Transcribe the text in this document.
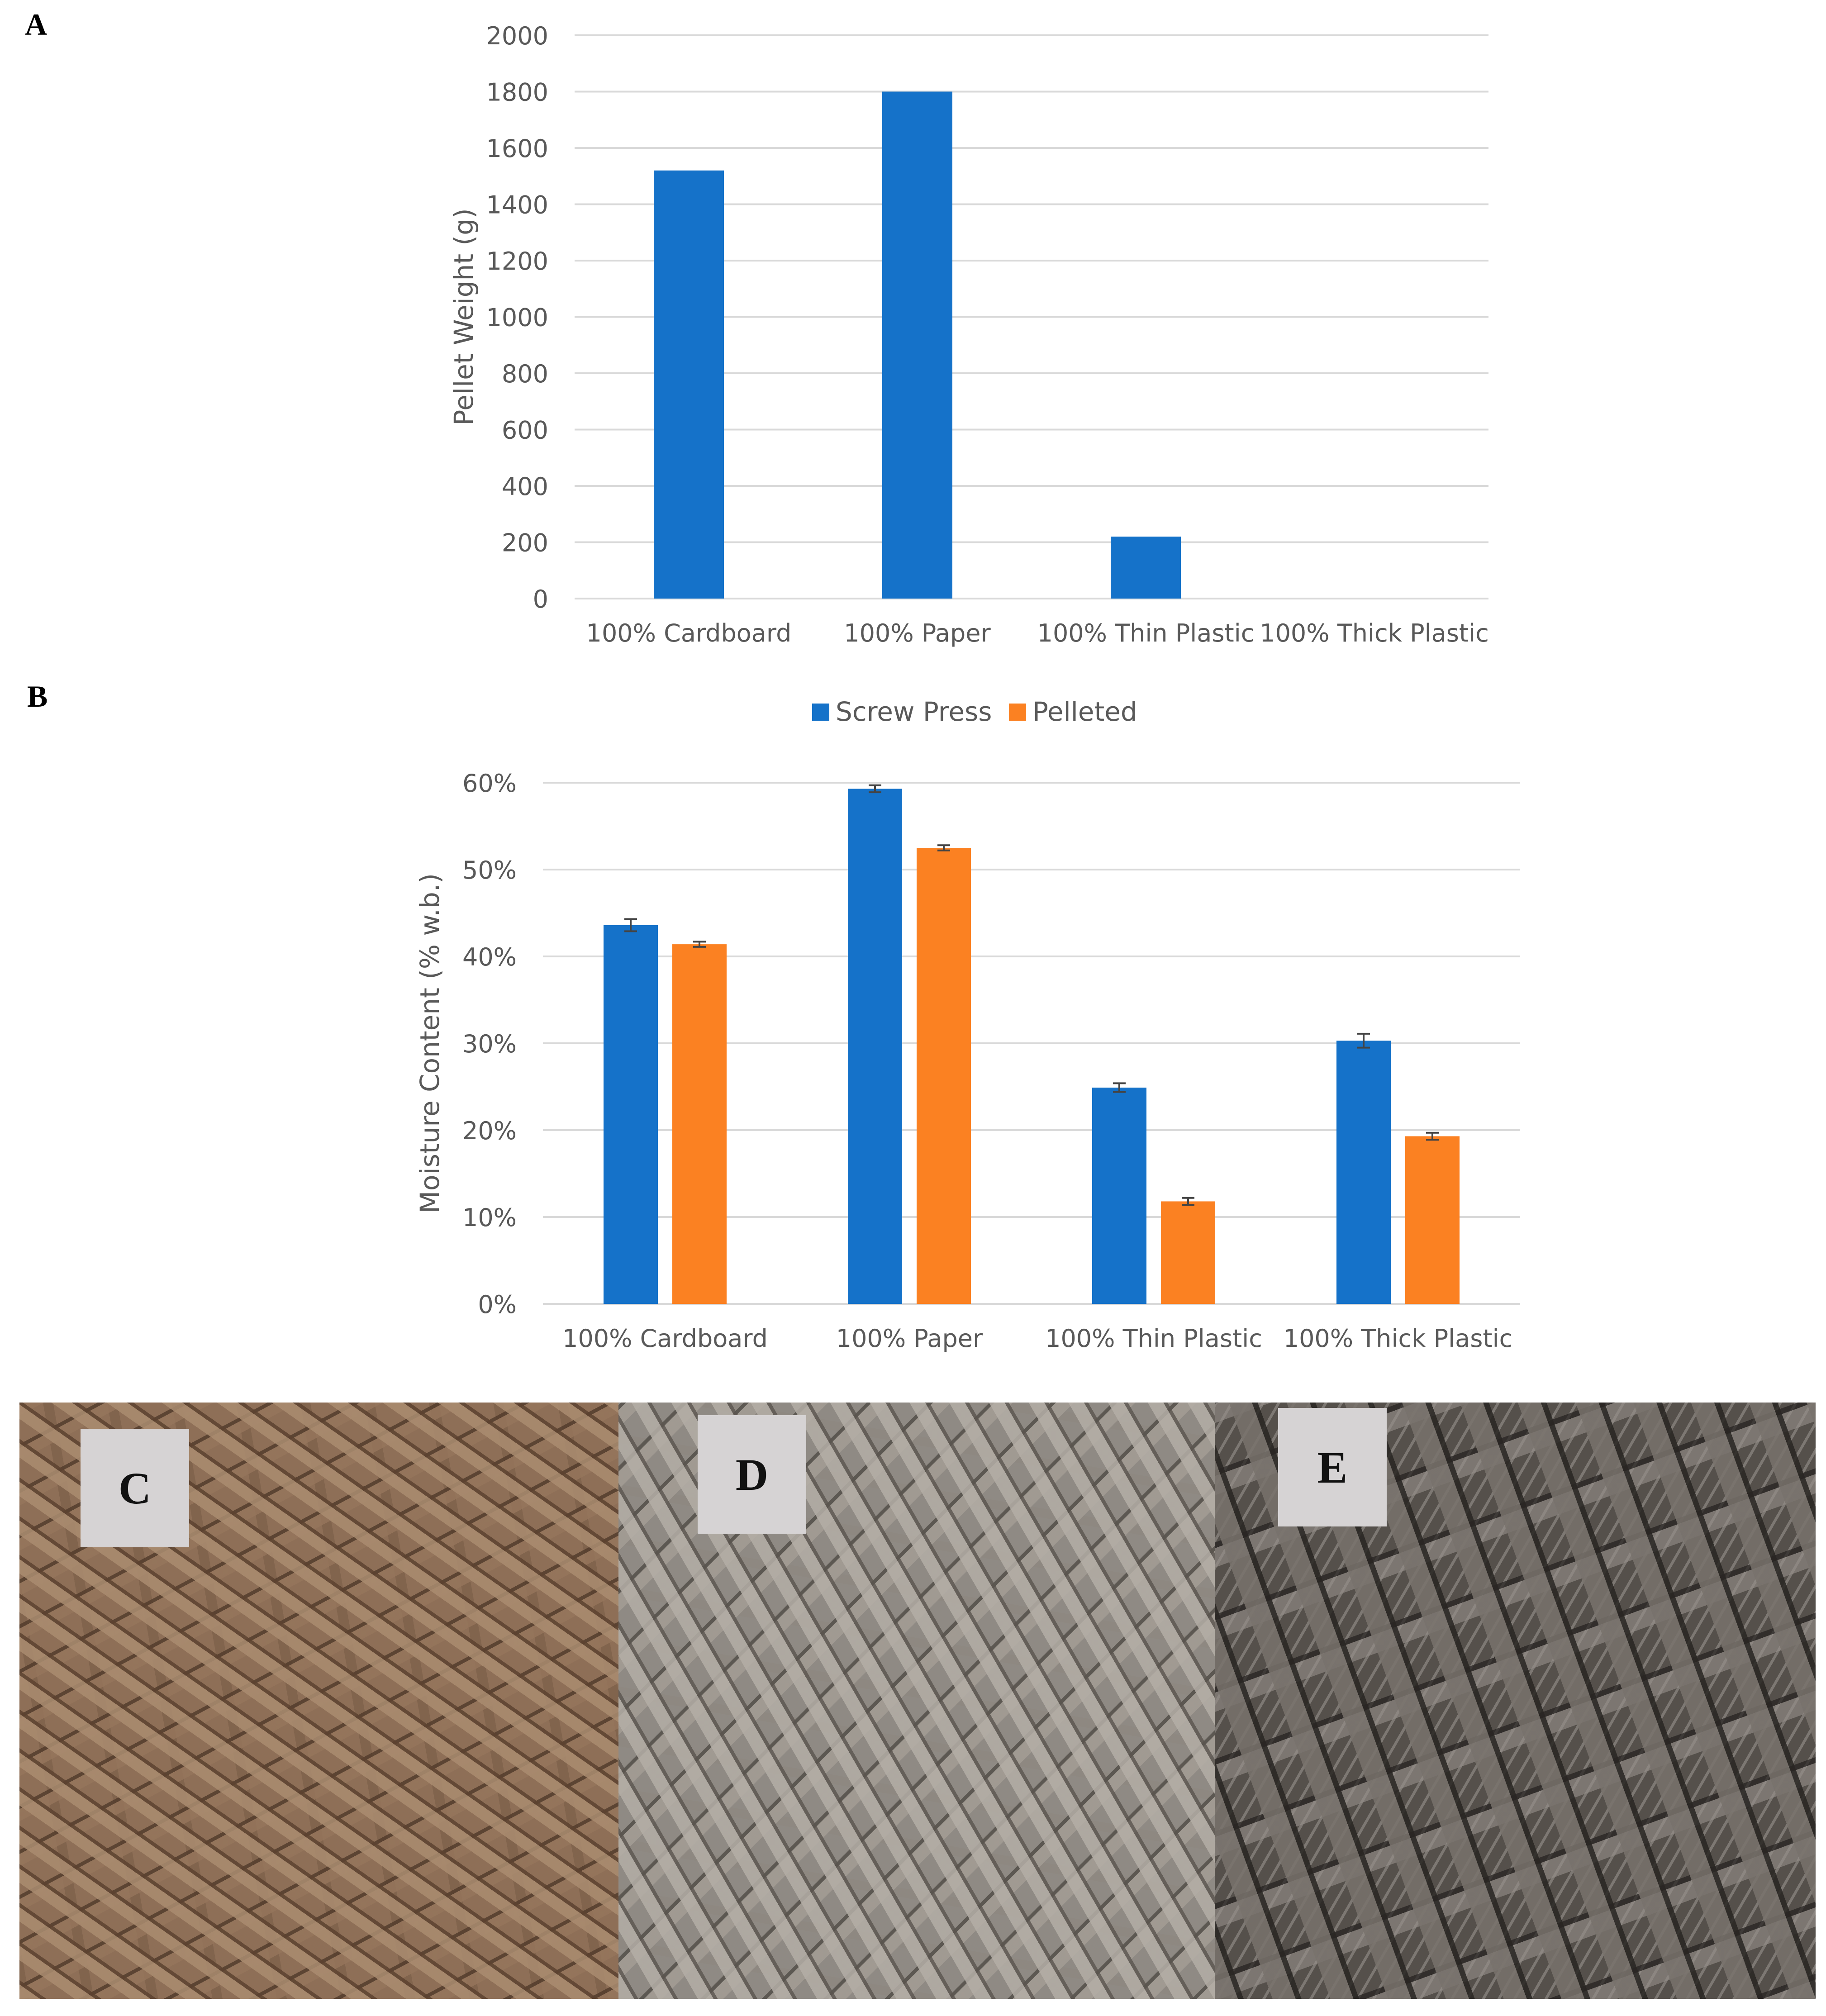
A
0
200
400
600
800
1000
1200
1400
1600
1800
2000
Pellet Weight (g)
100% Cardboard 100% Paper 100% Thin Plastic 100% Thick Plastic
B
0%
10%
20%
30%
40%
50%
60%
Moisture Content (% w.b.)
100% Cardboard	100% Paper	100% Thin Plastic 100% Thick Plastic
Screw Press Pelleted
C	D	E
